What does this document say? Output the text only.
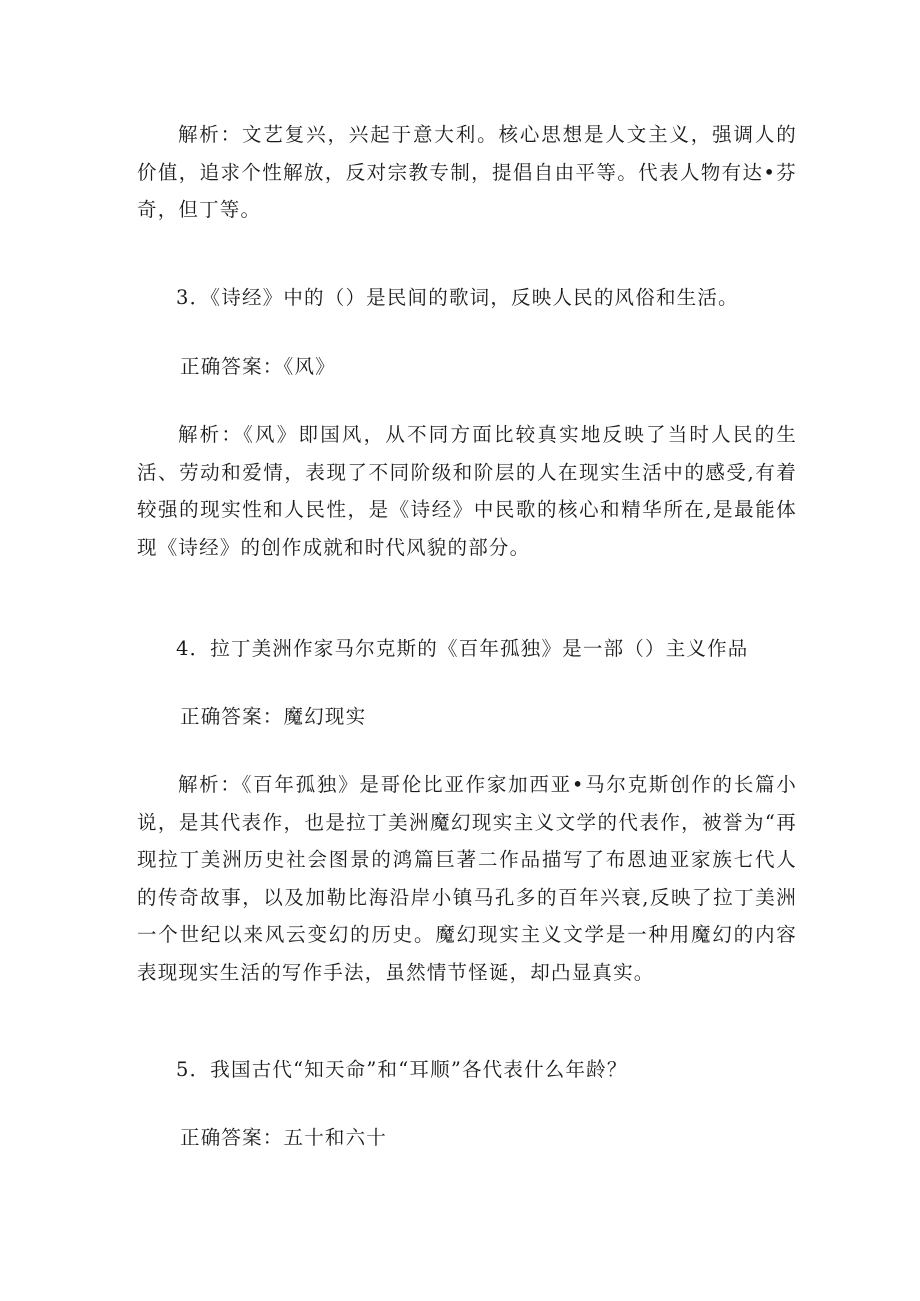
解析：文艺复兴，兴起于意大利。核心思想是人文主义，强调人的价值，追求个性解放，反对宗教专制，提倡自由平等。代表人物有达•芬奇，但丁等。

3．《诗经》中的（）是民间的歌词，反映人民的风俗和生活。

正确答案：《风》

解析：《风》即国风，从不同方面比较真实地反映了当时人民的生活、劳动和爱情，表现了不同阶级和阶层的人在现实生活中的感受,有着较强的现实性和人民性，是《诗经》中民歌的核心和精华所在,是最能体现《诗经》的创作成就和时代风貌的部分。

4．拉丁美洲作家马尔克斯的《百年孤独》是一部（）主义作品

正确答案：魔幻现实

解析：《百年孤独》是哥伦比亚作家加西亚•马尔克斯创作的长篇小说，是其代表作，也是拉丁美洲魔幻现实主义文学的代表作，被誉为“再现拉丁美洲历史社会图景的鸿篇巨著二作品描写了布恩迪亚家族七代人的传奇故事，以及加勒比海沿岸小镇马孔多的百年兴衰,反映了拉丁美洲一个世纪以来风云变幻的历史。魔幻现实主义文学是一种用魔幻的内容表现现实生活的写作手法，虽然情节怪诞，却凸显真实。

5．我国古代“知天命”和“耳顺”各代表什么年龄？

正确答案：五十和六十
